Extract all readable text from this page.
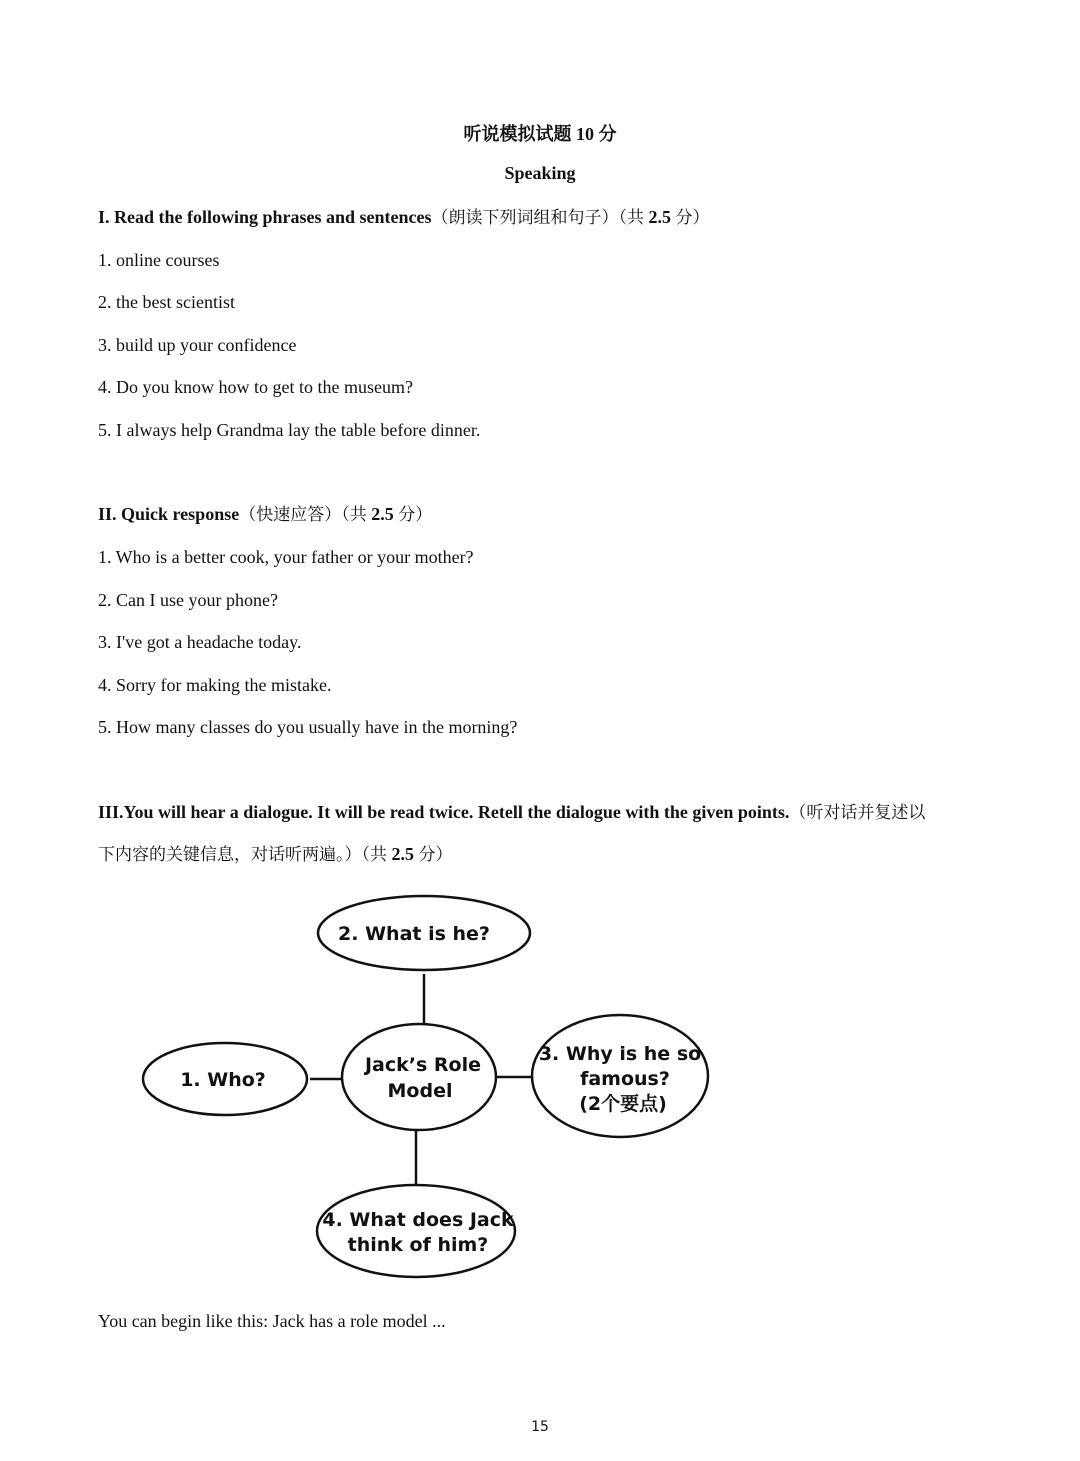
听说模拟试题 10 分
Speaking
I. Read the following phrases and sentences（朗读下列词组和句子）（共 2.5 分）
1. online courses
2. the best scientist
3. build up your confidence
4. Do you know how to get to the museum?
5. I always help Grandma lay the table before dinner.
II. Quick response（快速应答）（共 2.5 分）
1. Who is a better cook, your father or your mother?
2. Can I use your phone?
3. I've got a headache today.
4. Sorry for making the mistake.
5. How many classes do you usually have in the morning?
III.You will hear a dialogue. It will be read twice. Retell the dialogue with the given points.（听对话并复述以
下内容的关键信息，对话听两遍。）（共 2.5 分）
2. What is he?
1. Who?
Jack’s Role
Model
3. Why is he so
famous?
(2个要点)
4. What does Jack
think of him?
You can begin like this: Jack has a role model ...
15
